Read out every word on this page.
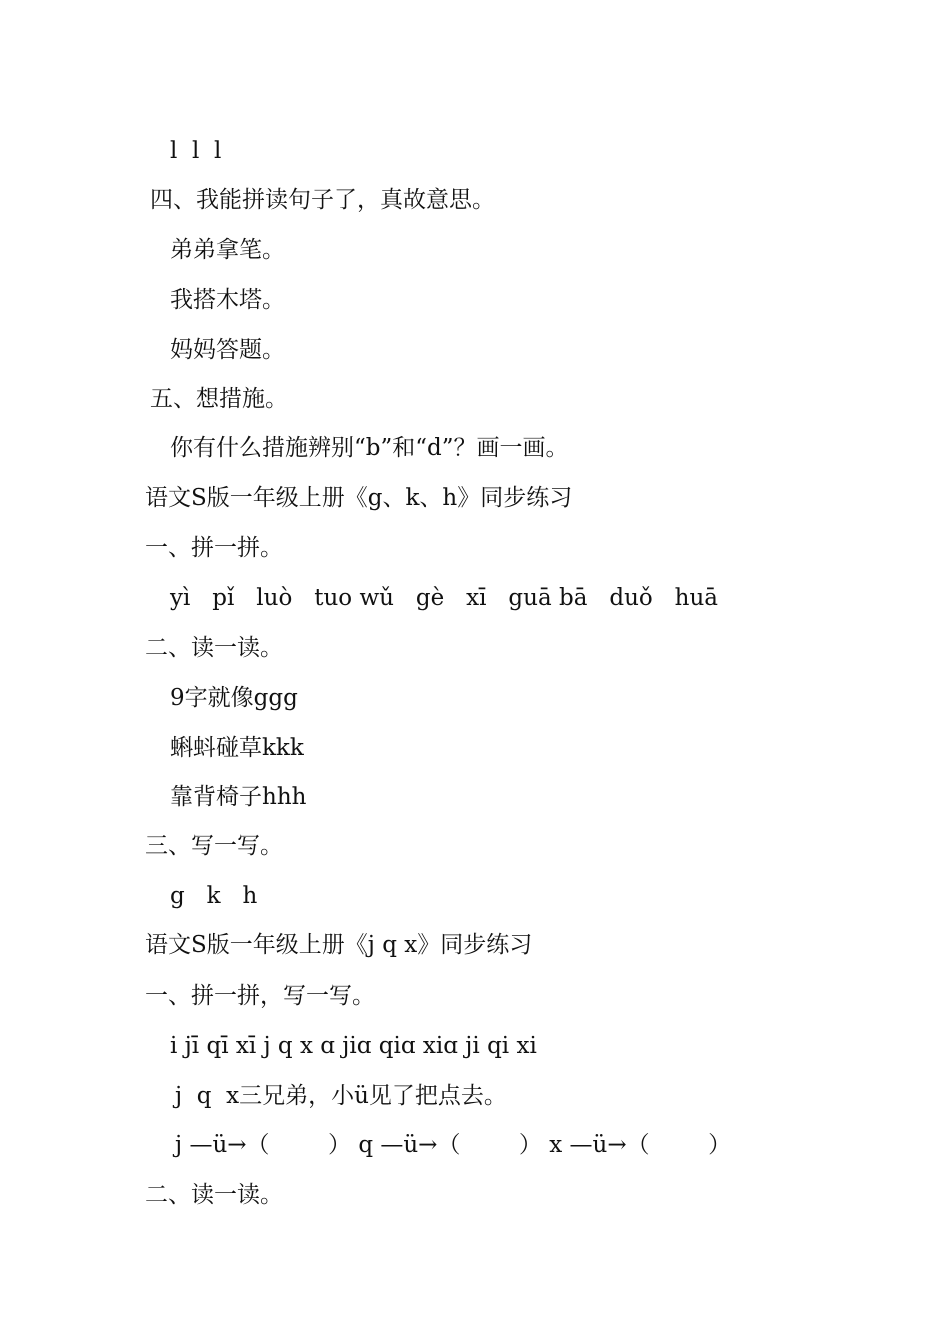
l  l  l
四、我能拼读句子了，真故意思。
弟弟拿笔。
我搭木塔。
妈妈答题。
五、想措施。
你有什么措施辨别“b”和“d”？画一画。
语文S版一年级上册《g、k、h》同步练习
一、拼一拼。
yì   pǐ   luò   tuo wǔ   gè   xī   guā bā   duǒ   huā
二、读一读。
9字就像ggg
蝌蚪碰草kkk
靠背椅子hhh
三、写一写。
g   k   h
语文S版一年级上册《j q x》同步练习
一、拼一拼，写一写。
i jī qī xī j q x ɑ jiɑ qiɑ xiɑ ji qi xi
j  q  x三兄弟，小ü见了把点去。
j —ü→（        ） q —ü→（        ） x —ü→（        ）
二、读一读。
